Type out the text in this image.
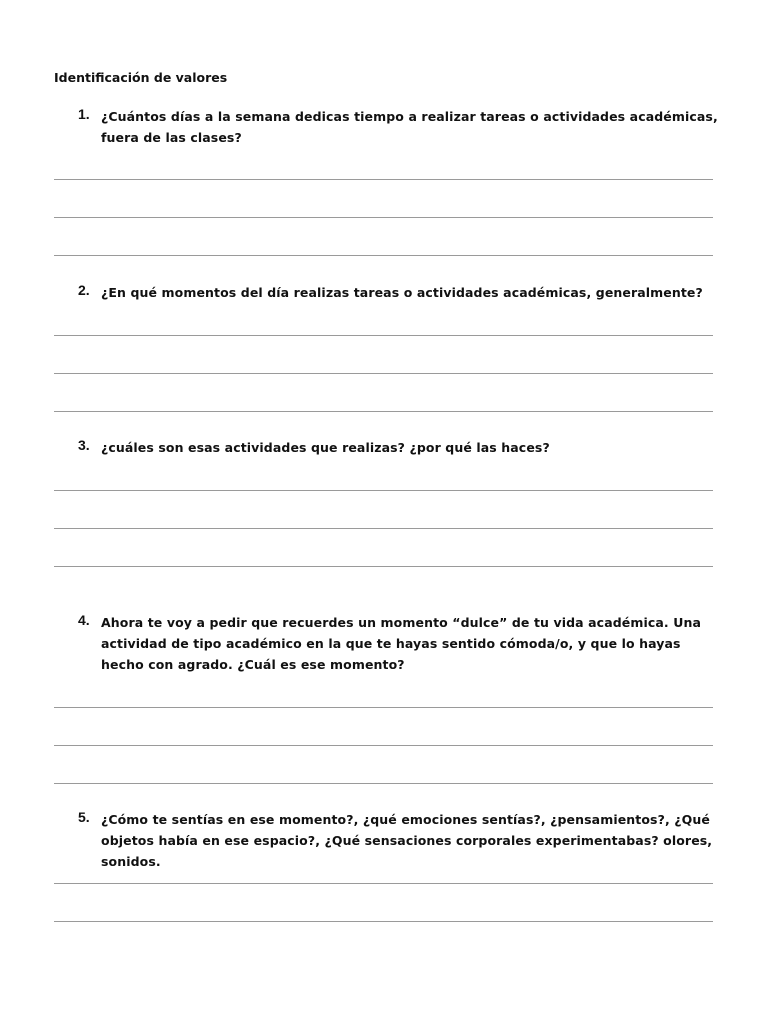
Identificación de valores
1. ¿Cuántos días a la semana dedicas tiempo a realizar tareas o actividades académicas, fuera de las clases?
2. ¿En qué momentos del día realizas tareas o actividades académicas, generalmente?
3. ¿cuáles son esas actividades que realizas? ¿por qué las haces?
4. Ahora te voy a pedir que recuerdes un momento “dulce” de tu vida académica. Una actividad de tipo académico en la que te hayas sentido cómoda/o, y que lo hayas hecho con agrado. ¿Cuál es ese momento?
5. ¿Cómo te sentías en ese momento?, ¿qué emociones sentías?, ¿pensamientos?, ¿Qué objetos había en ese espacio?, ¿Qué sensaciones corporales experimentabas? olores, sonidos.
